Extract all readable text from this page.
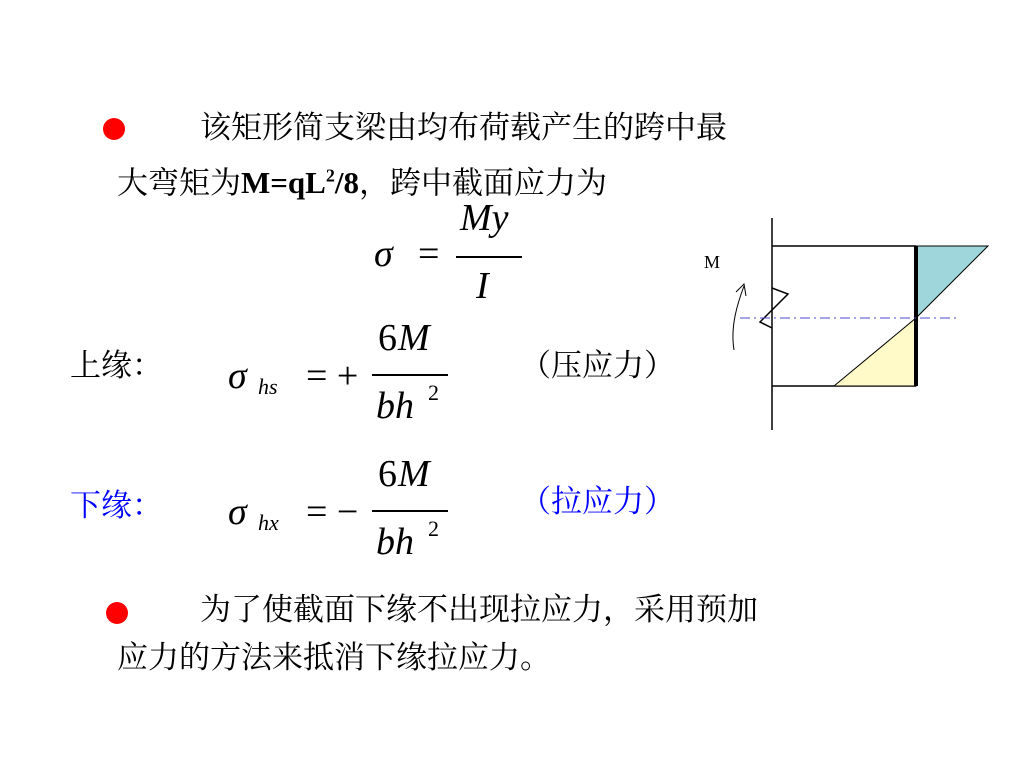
该矩形简支梁由均布荷载产生的跨中最
大弯矩为$M=qL^2/8$，跨中截面应力为
σ =
My
I
上缘： σ hs = +
6 M
bh 2
（压应力）
下缘： σ hx = −
6 M
bh 2
（拉应力）
M
为了使截面下缘不出现拉应力，采用预加
应力的方法来抵消下缘拉应力。
